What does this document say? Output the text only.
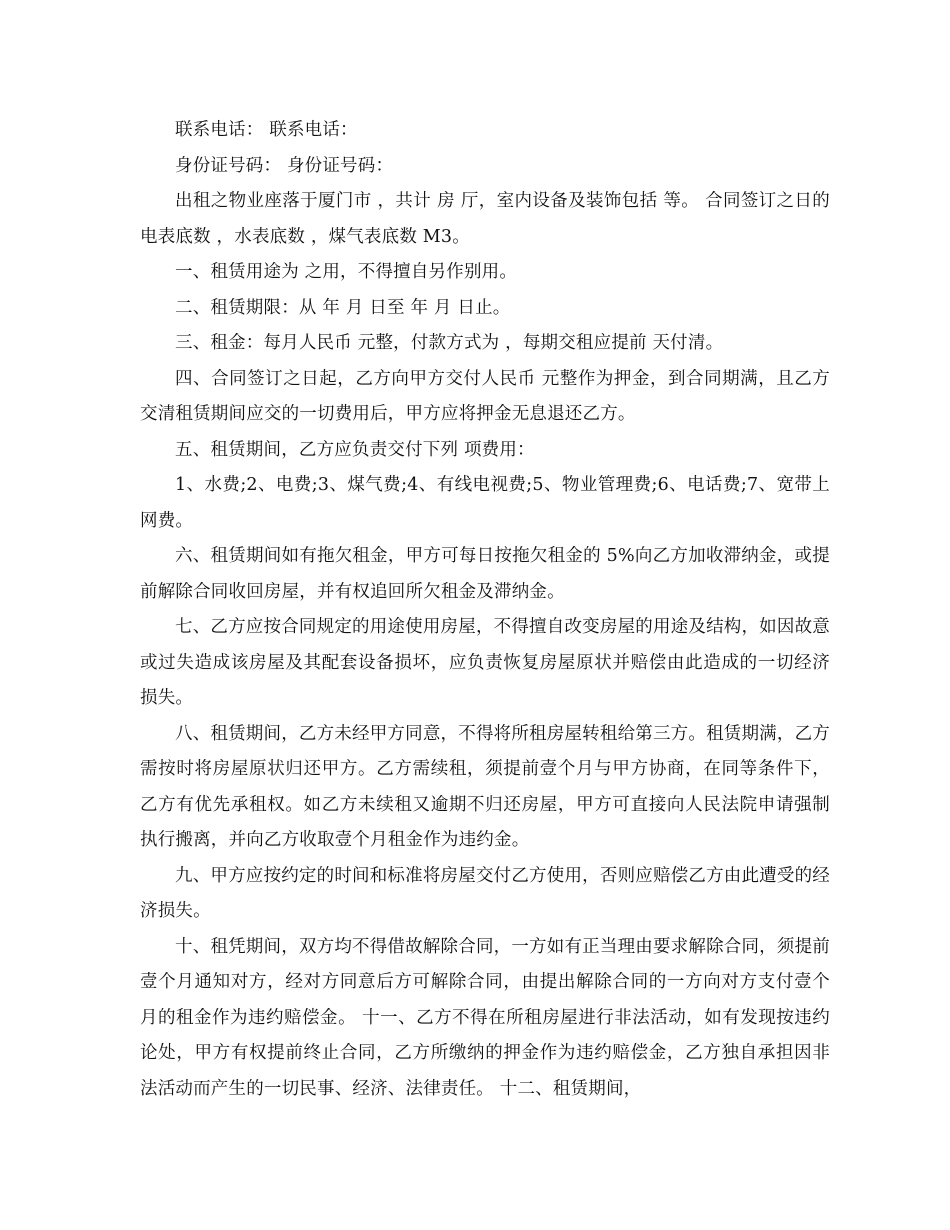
联系电话： 联系电话：

身份证号码： 身份证号码：

出租之物业座落于厦门市 ，共计 房 厅，室内设备及装饰包括 等。 合同签订之日的电表底数 ，水表底数 ，煤气表底数 M3。

一、租赁用途为 之用，不得擅自另作别用。

二、租赁期限：从 年 月 日至 年 月 日止。

三、租金：每月人民币 元整，付款方式为 ，每期交租应提前 天付清。

四、合同签订之日起，乙方向甲方交付人民币 元整作为押金，到合同期满，且乙方交清租赁期间应交的一切费用后，甲方应将押金无息退还乙方。

五、租赁期间，乙方应负责交付下列 项费用：

1、水费;2、电费;3、煤气费;4、有线电视费;5、物业管理费;6、电话费;7、宽带上网费。

六、租赁期间如有拖欠租金，甲方可每日按拖欠租金的 5%向乙方加收滞纳金，或提前解除合同收回房屋，并有权追回所欠租金及滞纳金。

七、乙方应按合同规定的用途使用房屋，不得擅自改变房屋的用途及结构，如因故意或过失造成该房屋及其配套设备损坏，应负责恢复房屋原状并赔偿由此造成的一切经济损失。

八、租赁期间，乙方未经甲方同意，不得将所租房屋转租给第三方。租赁期满，乙方需按时将房屋原状归还甲方。乙方需续租，须提前壹个月与甲方协商，在同等条件下，乙方有优先承租权。如乙方未续租又逾期不归还房屋，甲方可直接向人民法院申请强制执行搬离，并向乙方收取壹个月租金作为违约金。

九、甲方应按约定的时间和标准将房屋交付乙方使用，否则应赔偿乙方由此遭受的经济损失。

十、租凭期间，双方均不得借故解除合同，一方如有正当理由要求解除合同，须提前壹个月通知对方，经对方同意后方可解除合同，由提出解除合同的一方向对方支付壹个月的租金作为违约赔偿金。 十一、乙方不得在所租房屋进行非法活动，如有发现按违约论处，甲方有权提前终止合同，乙方所缴纳的押金作为违约赔偿金，乙方独自承担因非法活动而产生的一切民事、经济、法律责任。 十二、租赁期间，
